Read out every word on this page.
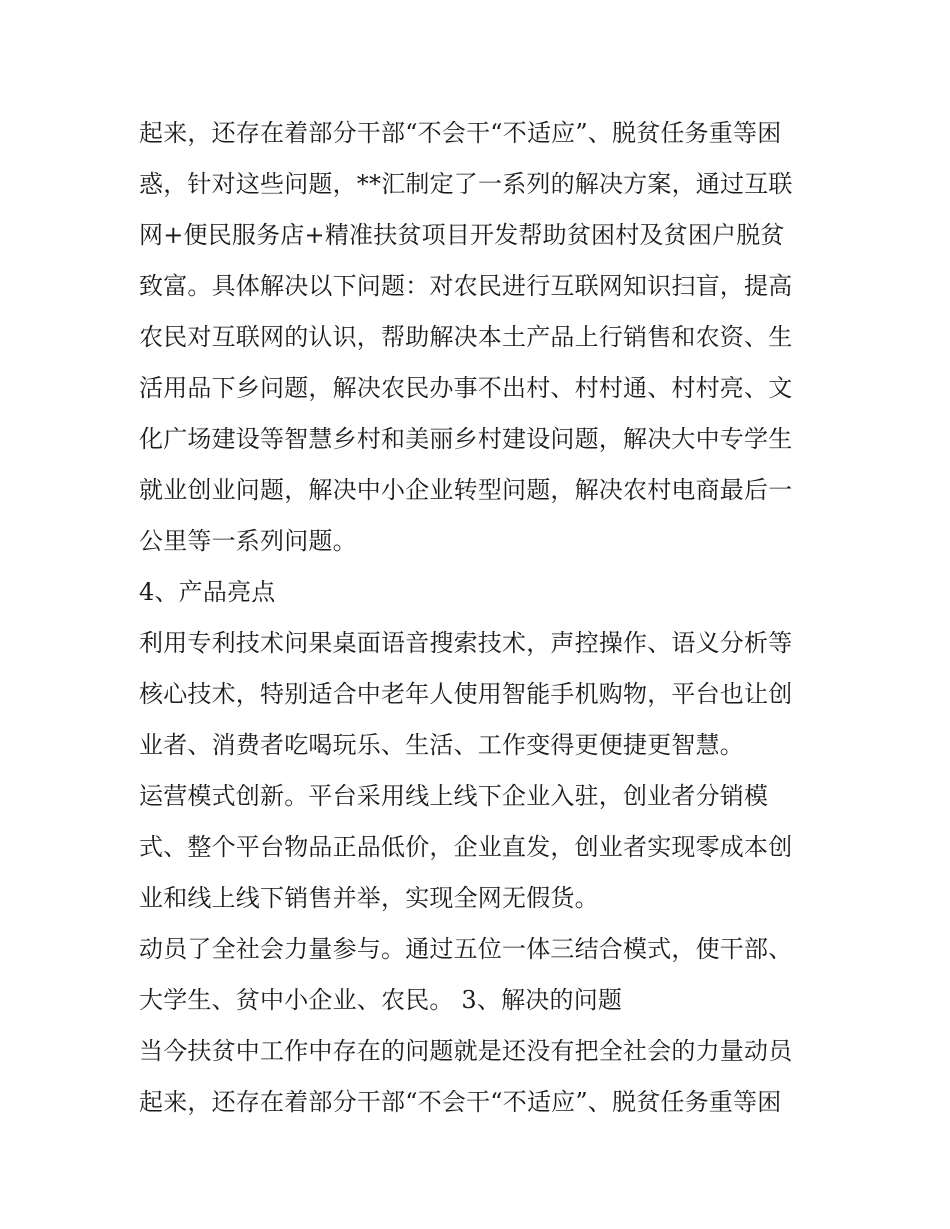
起来，还存在着部分干部“不会干“不适应”、脱贫任务重等困
惑，针对这些问题，**汇制定了一系列的解决方案，通过互联
网+便民服务店+精准扶贫项目开发帮助贫困村及贫困户脱贫
致富。具体解决以下问题：对农民进行互联网知识扫盲，提高
农民对互联网的认识，帮助解决本土产品上行销售和农资、生
活用品下乡问题，解决农民办事不出村、村村通、村村亮、文
化广场建设等智慧乡村和美丽乡村建设问题，解决大中专学生
就业创业问题，解决中小企业转型问题，解决农村电商最后一
公里等一系列问题。
4、产品亮点
利用专利技术问果桌面语音搜索技术，声控操作、语义分析等
核心技术，特别适合中老年人使用智能手机购物，平台也让创
业者、消费者吃喝玩乐、生活、工作变得更便捷更智慧。
运营模式创新。平台采用线上线下企业入驻，创业者分销模
式、整个平台物品正品低价，企业直发，创业者实现零成本创
业和线上线下销售并举，实现全网无假货。
动员了全社会力量参与。通过五位一体三结合模式，使干部、
大学生、贫中小企业、农民。 3、解决的问题
当今扶贫中工作中存在的问题就是还没有把全社会的力量动员
起来，还存在着部分干部“不会干“不适应”、脱贫任务重等困
